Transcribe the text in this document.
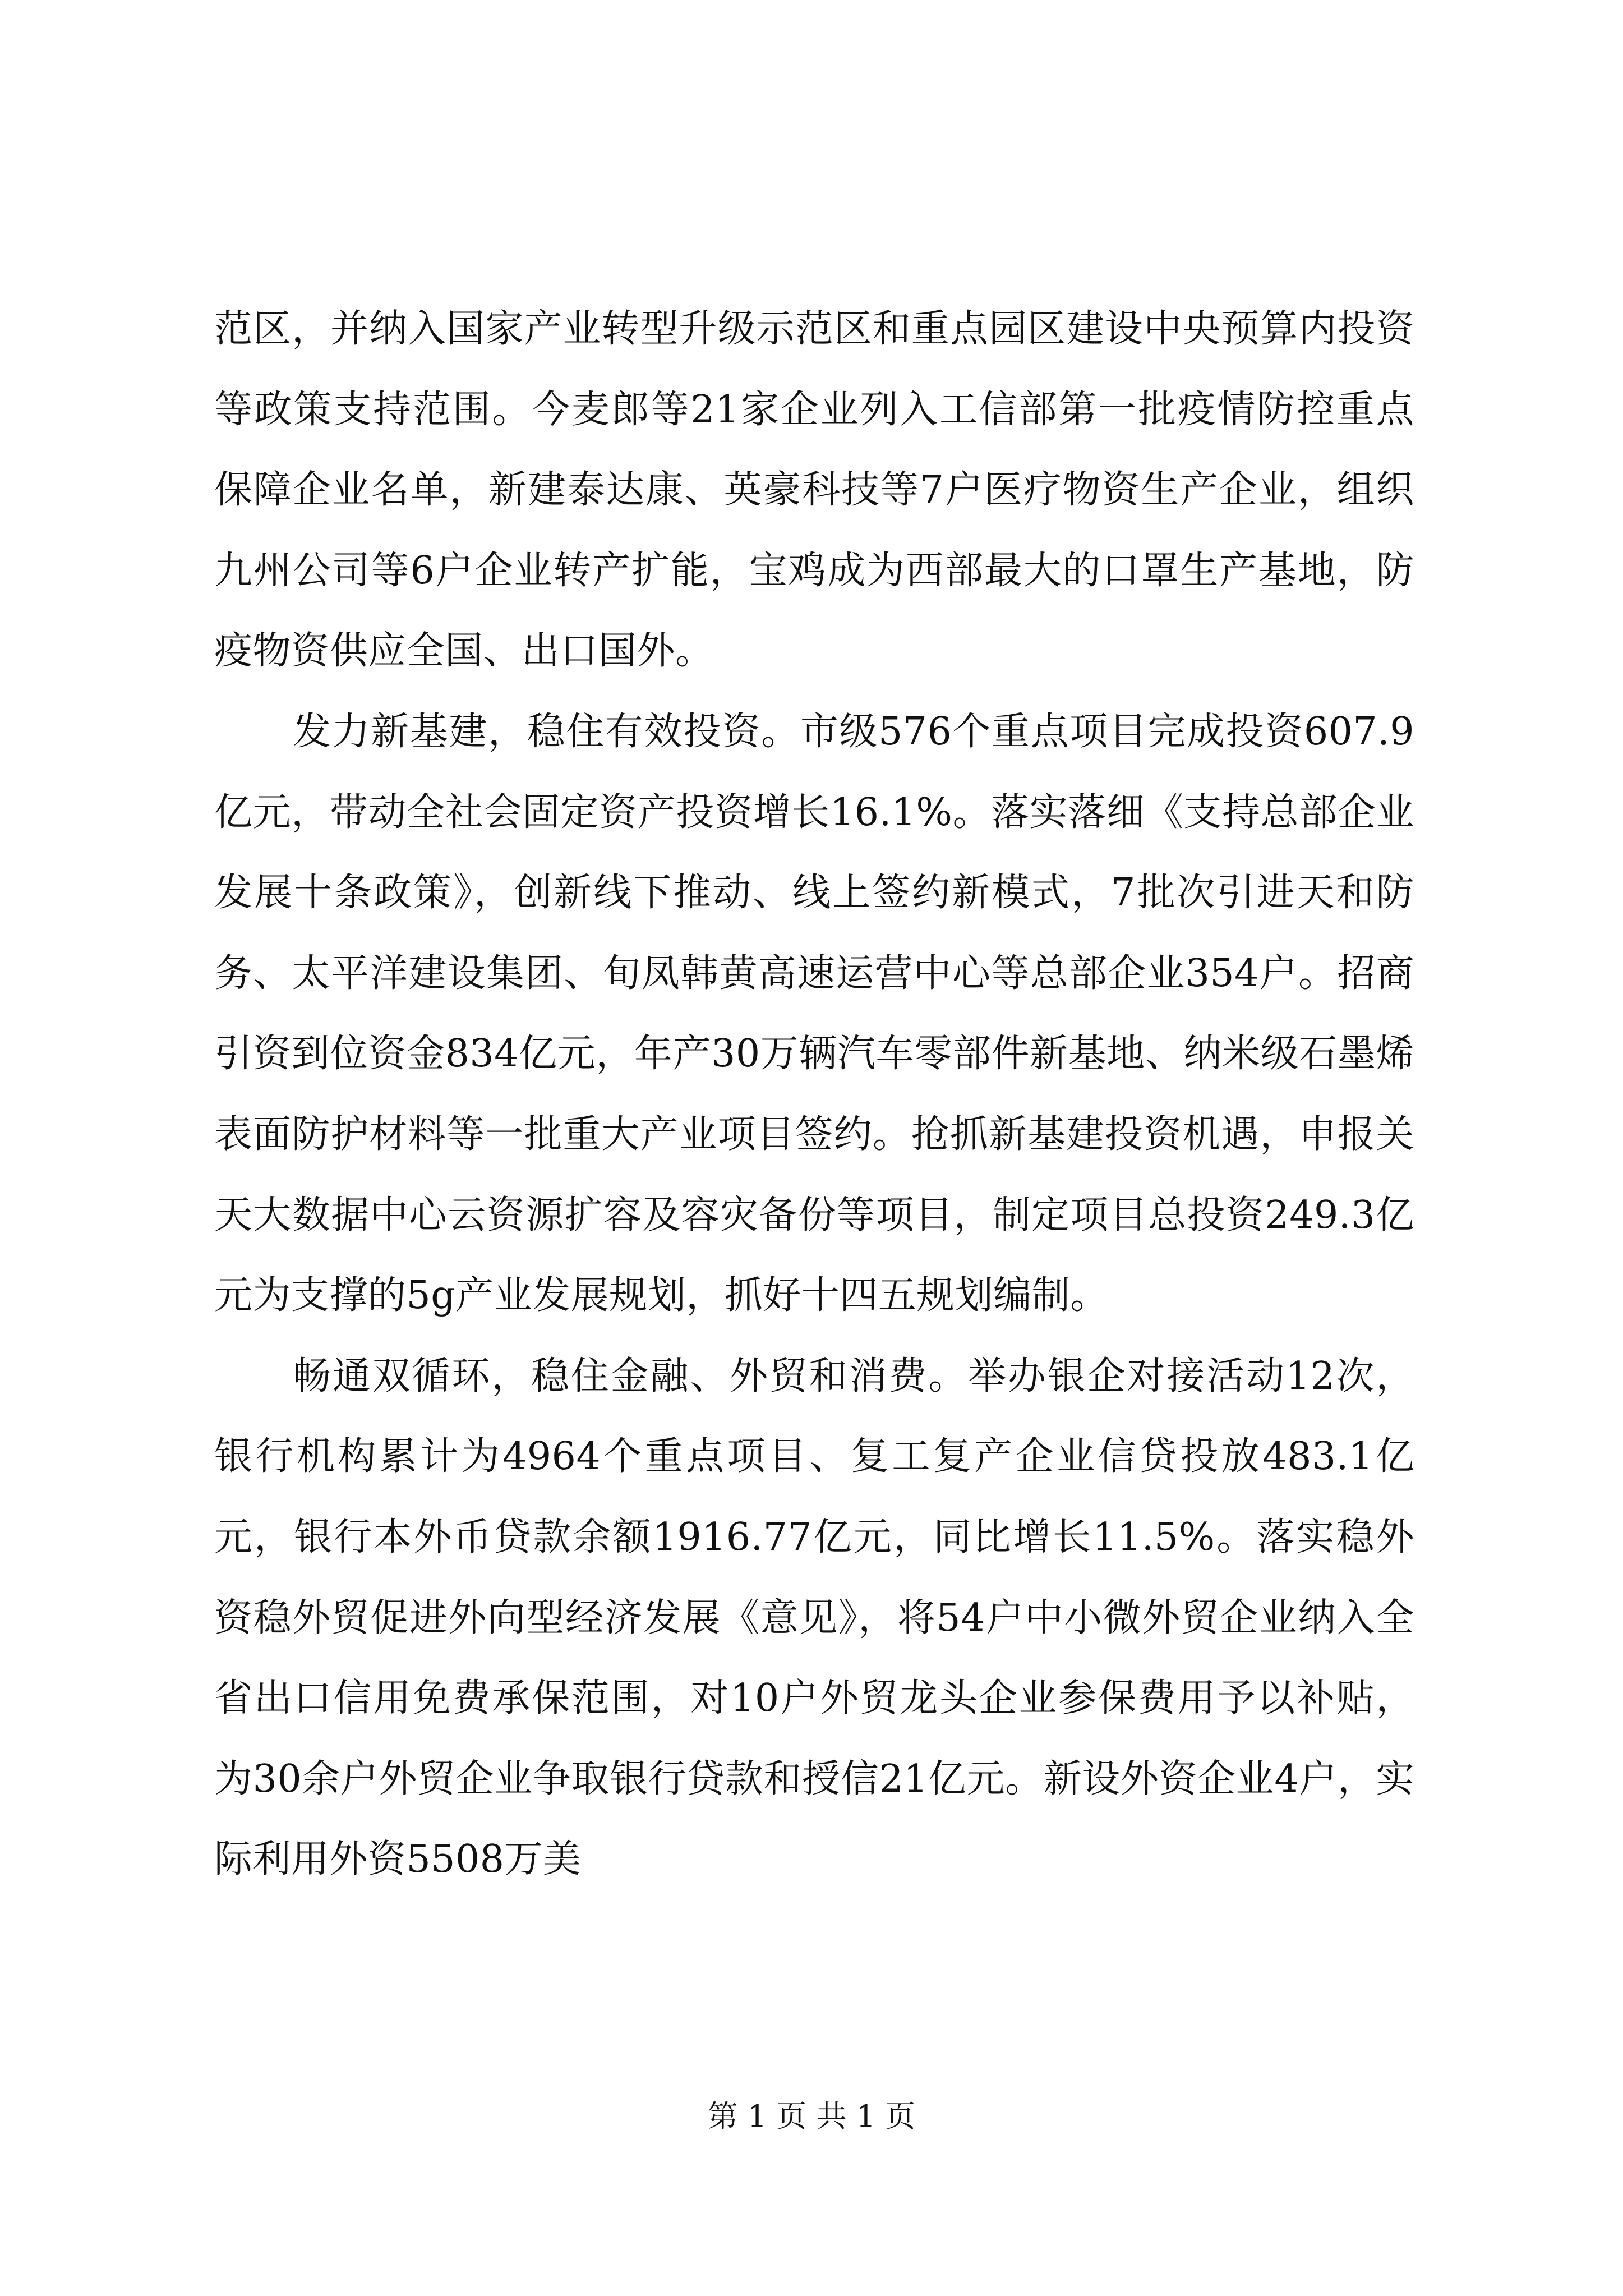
范区，并纳入国家产业转型升级示范区和重点园区建设中央预算内投资等政策支持范围。今麦郎等21家企业列入工信部第一批疫情防控重点保障企业名单，新建泰达康、英豪科技等7户医疗物资生产企业，组织九州公司等6户企业转产扩能，宝鸡成为西部最大的口罩生产基地，防疫物资供应全国、出口国外。

发力新基建，稳住有效投资。市级576个重点项目完成投资607.9亿元，带动全社会固定资产投资增长16.1%。落实落细《支持总部企业发展十条政策》，创新线下推动、线上签约新模式，7批次引进天和防务、太平洋建设集团、旬凤韩黄高速运营中心等总部企业354户。招商引资到位资金834亿元，年产30万辆汽车零部件新基地、纳米级石墨烯表面防护材料等一批重大产业项目签约。抢抓新基建投资机遇，申报关天大数据中心云资源扩容及容灾备份等项目，制定项目总投资249.3亿元为支撑的5g产业发展规划，抓好十四五规划编制。

畅通双循环，稳住金融、外贸和消费。举办银企对接活动12次，银行机构累计为4964个重点项目、复工复产企业信贷投放483.1亿元，银行本外币贷款余额1916.77亿元，同比增长11.5%。落实稳外资稳外贸促进外向型经济发展《意见》，将54户中小微外贸企业纳入全省出口信用免费承保范围，对10户外贸龙头企业参保费用予以补贴，为30余户外贸企业争取银行贷款和授信21亿元。新设外资企业4户，实际利用外资5508万美

第 1 页 共 1 页
